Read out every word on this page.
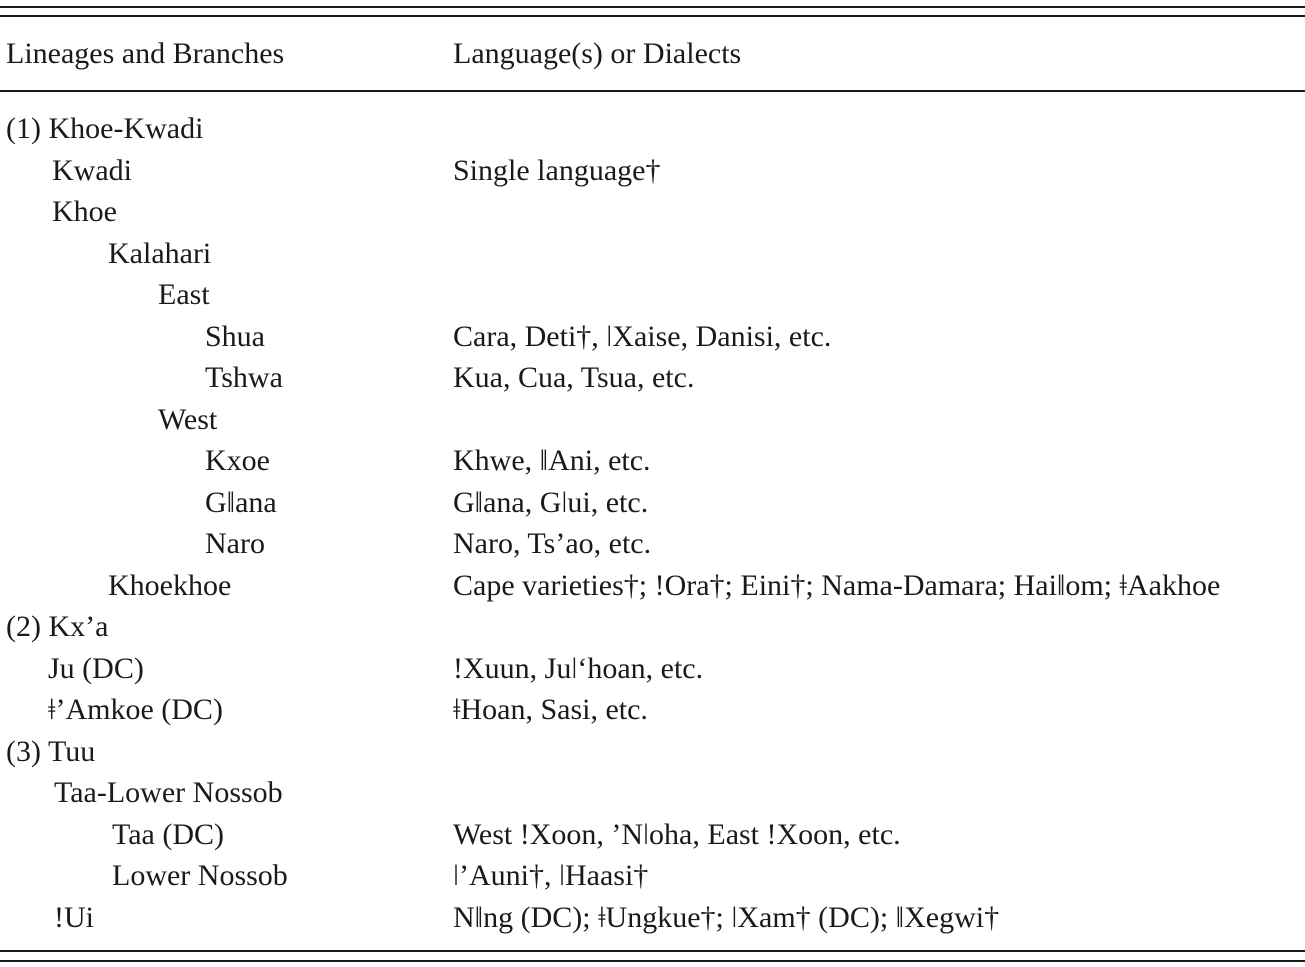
Lineages and Branches	Language(s) or Dialects
(1) Khoe-Kwadi
Kwadi	Single language†
Khoe
Kalahari
East
Shua	Cara, Deti†, ǀXaise, Danisi, etc.
Tshwa	Kua, Cua, Tsua, etc.
West
Kxoe	Khwe, ǁAni, etc.
Gǁana	Gǁana, Gǀui, etc.
Naro	Naro, Ts’ao, etc.
Khoekhoe	Cape varieties†; !Ora†; Eini†; Nama-Damara; Haiǁom; ǂAakhoe
(2) Kx’a
Ju (DC)	!Xuun, Juǀ‘hoan, etc.
ǂ’Amkoe (DC)	ǂHoan, Sasi, etc.
(3) Tuu
Taa-Lower Nossob
Taa (DC)	West !Xoon, ’Nǀoha, East !Xoon, etc.
Lower Nossob	ǀ’Auni†, ǀHaasi†
!Ui	Nǁng (DC); ǂUngkue†; ǀXam† (DC); ǁXegwi†
